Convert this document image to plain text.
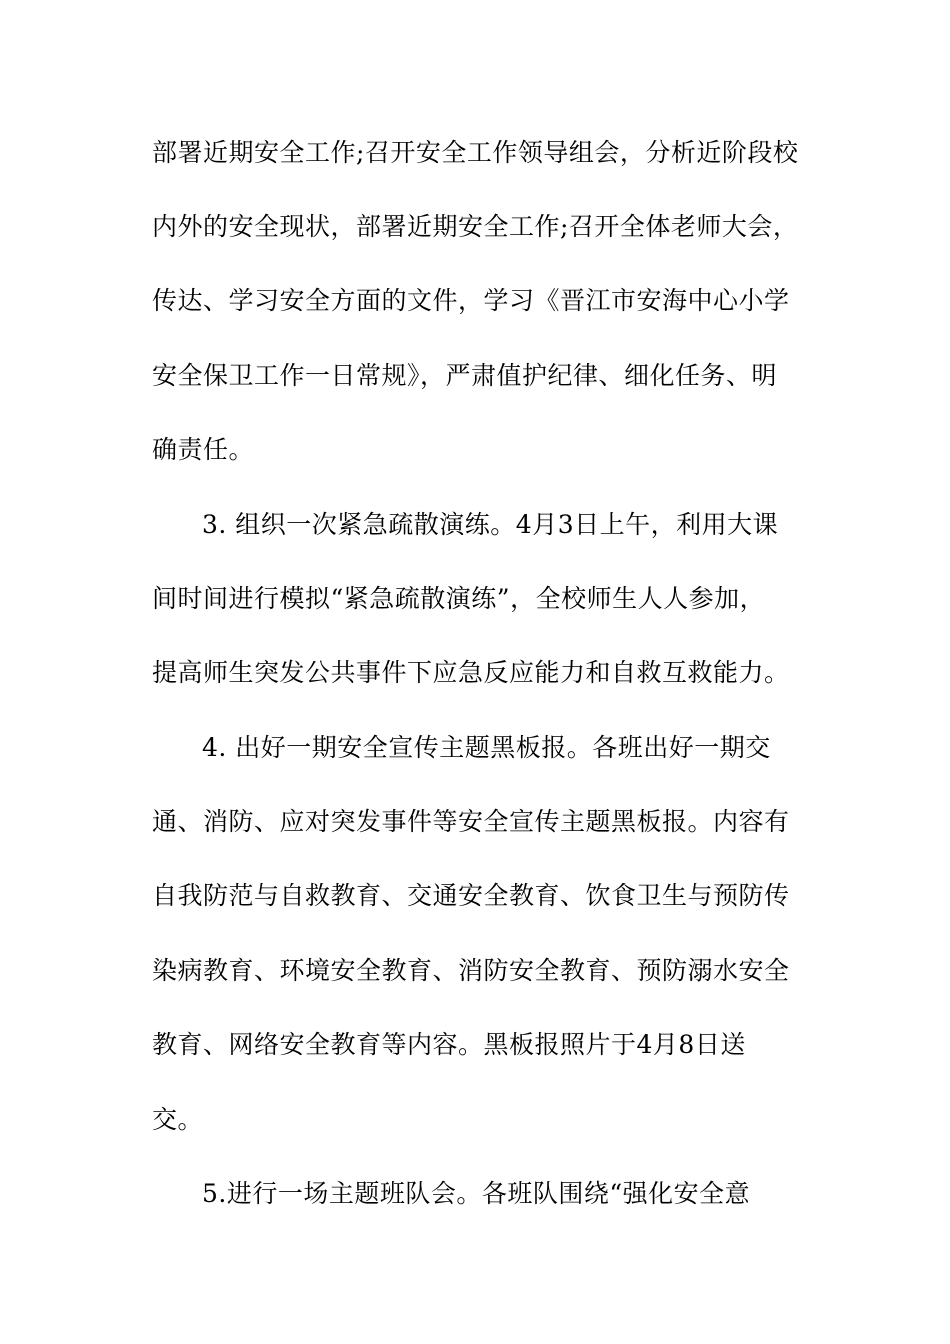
部署近期安全工作;召开安全工作领导组会，分析近阶段校
内外的安全现状，部署近期安全工作;召开全体老师大会，
传达、学习安全方面的文件，学习《晋江市安海中心小学
安全保卫工作一日常规》，严肃值护纪律、细化任务、明
确责任。
3. 组织一次紧急疏散演练。4月3日上午，利用大课
间时间进行模拟“紧急疏散演练”，全校师生人人参加，
提高师生突发公共事件下应急反应能力和自救互救能力。
4. 出好一期安全宣传主题黑板报。各班出好一期交
通、消防、应对突发事件等安全宣传主题黑板报。内容有
自我防范与自救教育、交通安全教育、饮食卫生与预防传
染病教育、环境安全教育、消防安全教育、预防溺水安全
教育、网络安全教育等内容。黑板报照片于4月8日送
交。
5.进行一场主题班队会。各班队围绕“强化安全意
